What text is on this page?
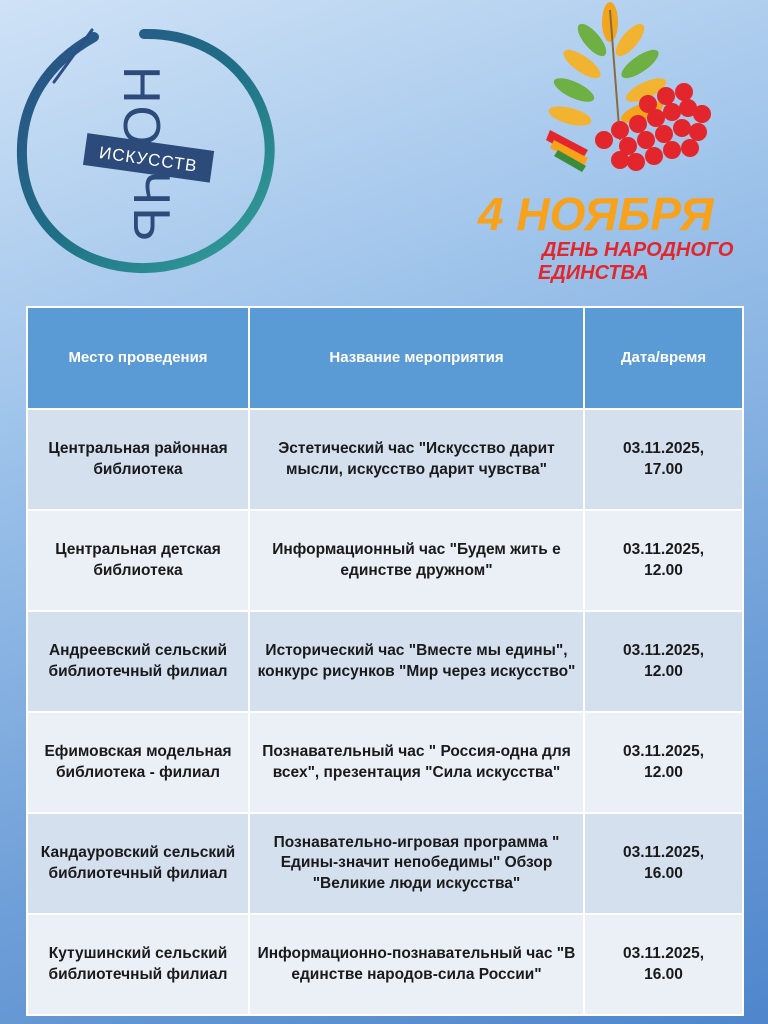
НО
ИСКУССТВ
ЧЬ	4 НОЯБРЯ
ДЕНЬ НАРОДНОГО
ЕДИНСТВА
Место проведения	Название мероприятия	Дата/время
Центральная районная библиотека	Эстетический час "Искусство дарит мысли, искусство дарит чувства"	03.11.2025,
17.00
Центральная детская библиотека	Информационный час "Будем жить е единстве дружном"	03.11.2025,
12.00
Андреевский сельский библиотечный филиал	Исторический час "Вместе мы едины", конкурс рисунков "Мир через искусство"	03.11.2025,
12.00
Ефимовская модельная библиотека - филиал	Познавательный час " Россия-одна для всех", презентация "Сила искусства"	03.11.2025,
12.00
Кандауровский сельский библиотечный филиал	Познавательно-игровая программа " Едины-значит непобедимы" Обзор "Великие люди искусства"	03.11.2025,
16.00
Кутушинский сельский библиотечный филиал	Информационно-познавательный час "В единстве народов-сила России"	03.11.2025,
16.00
